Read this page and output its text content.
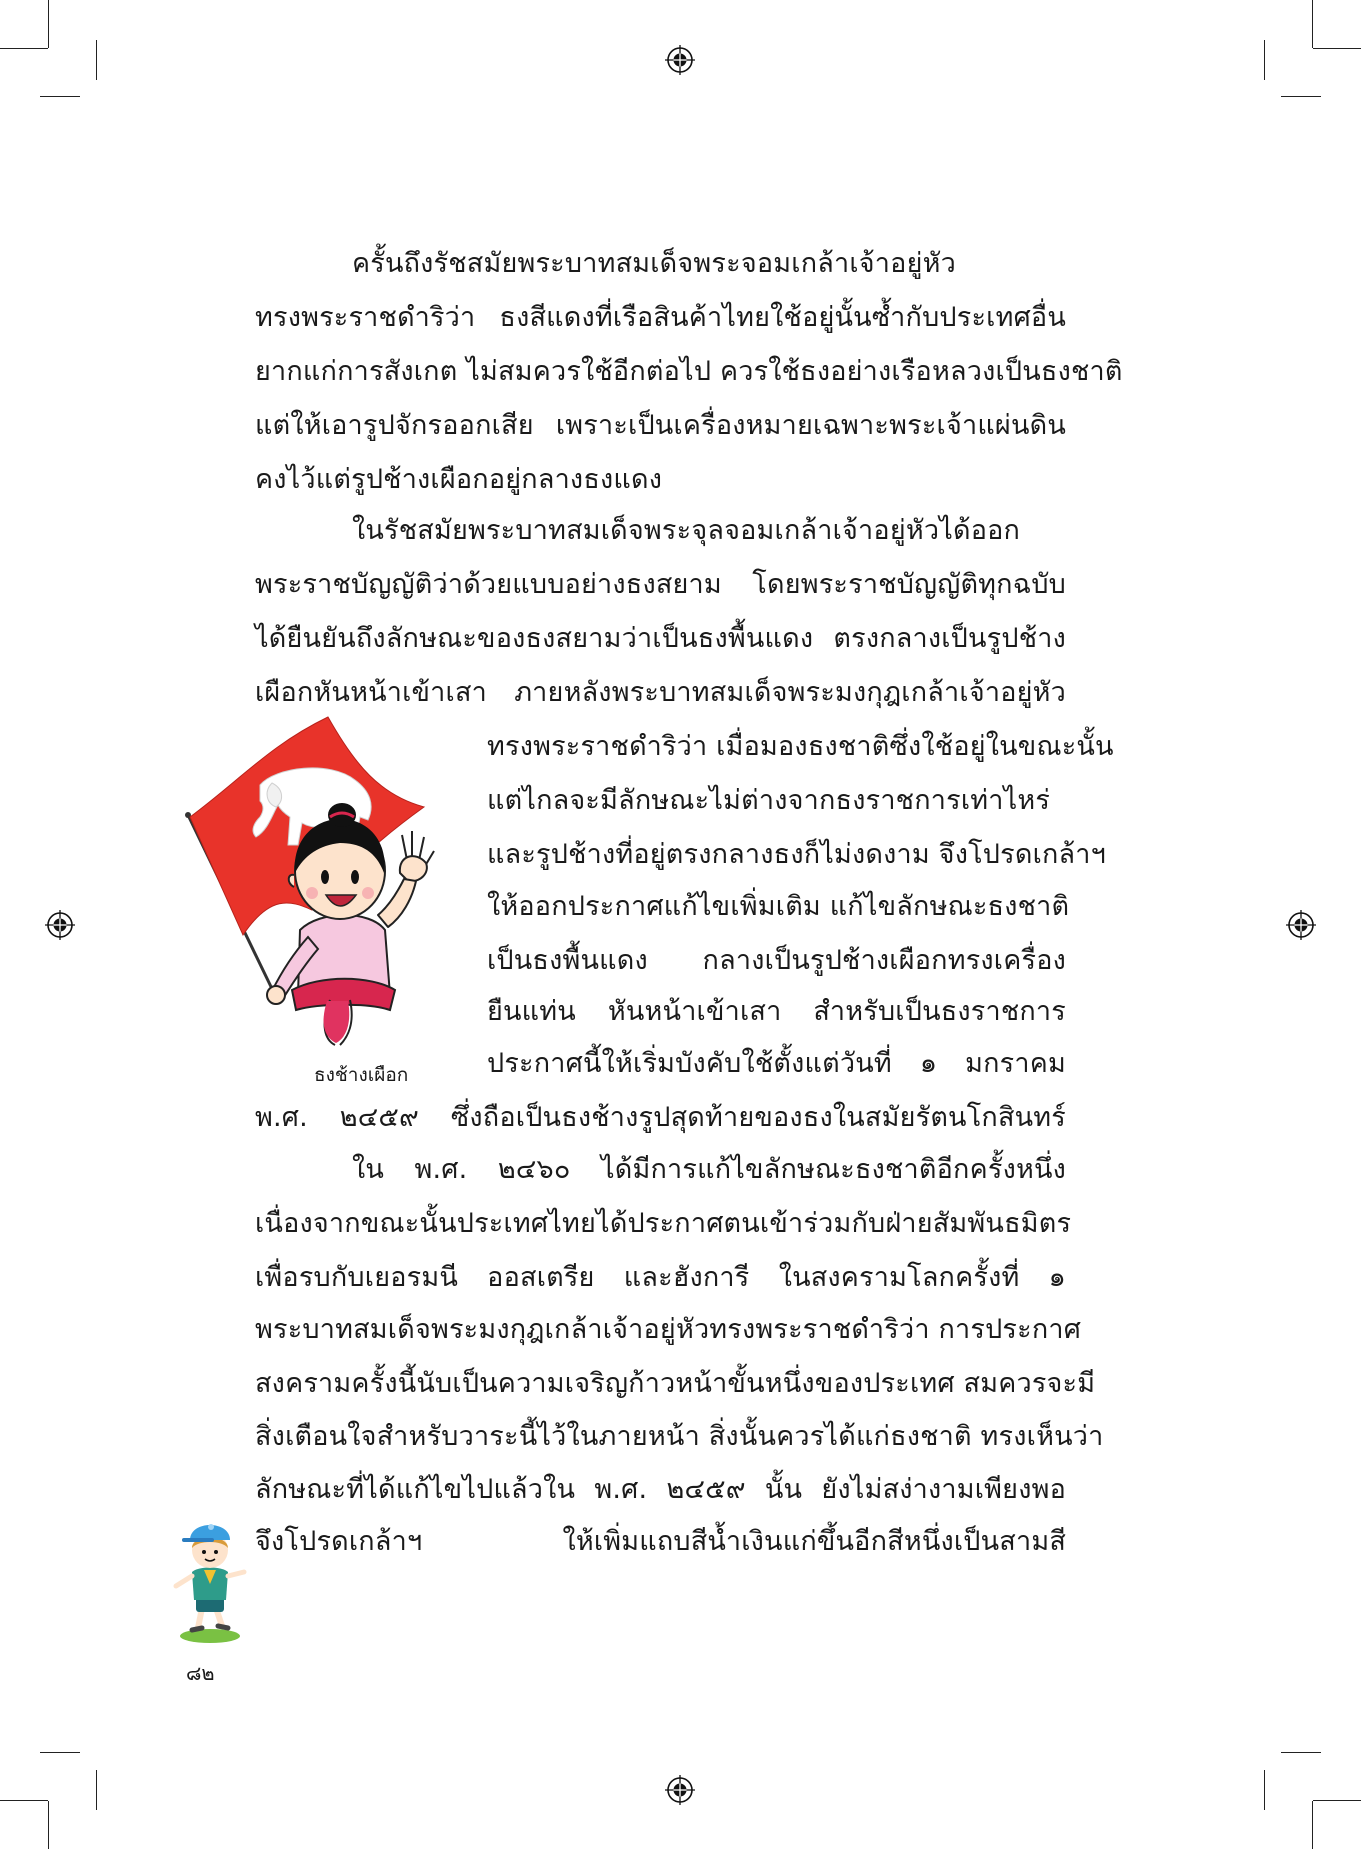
ครั้นถึงรัชสมัยพระบาทสมเด็จพระจอมเกล้าเจ้าอยู่หัว
ทรงพระราชดำริว่า ธงสีแดงที่เรือสินค้าไทยใช้อยู่นั้นซ้ำกับประเทศอื่น
ยากแก่การสังเกต ไม่สมควรใช้อีกต่อไป ควรใช้ธงอย่างเรือหลวงเป็นธงชาติ
แต่ให้เอารูปจักรออกเสีย เพราะเป็นเครื่องหมายเฉพาะพระเจ้าแผ่นดิน
คงไว้แต่รูปช้างเผือกอยู่กลางธงแดง
ในรัชสมัยพระบาทสมเด็จพระจุลจอมเกล้าเจ้าอยู่หัวได้ออก
พระราชบัญญัติว่าด้วยแบบอย่างธงสยาม โดยพระราชบัญญัติทุกฉบับ
ได้ยืนยันถึงลักษณะของธงสยามว่าเป็นธงพื้นแดง ตรงกลางเป็นรูปช้าง
เผือกหันหน้าเข้าเสา ภายหลังพระบาทสมเด็จพระมงกุฎเกล้าเจ้าอยู่หัว
ทรงพระราชดำริว่า เมื่อมองธงชาติซึ่งใช้อยู่ในขณะนั้น
แต่ไกลจะมีลักษณะไม่ต่างจากธงราชการเท่าไหร่
และรูปช้างที่อยู่ตรงกลางธงก็ไม่งดงาม จึงโปรดเกล้าฯ
ให้ออกประกาศแก้ไขเพิ่มเติม แก้ไขลักษณะธงชาติ
เป็นธงพื้นแดง กลางเป็นรูปช้างเผือกทรงเครื่อง
ยืนแท่น หันหน้าเข้าเสา สำหรับเป็นธงราชการ
ประกาศนี้ให้เริ่มบังคับใช้ตั้งแต่วันที่ ๑ มกราคม
พ.ศ. ๒๔๕๙ ซึ่งถือเป็นธงช้างรูปสุดท้ายของธงในสมัยรัตนโกสินทร์
ใน พ.ศ. ๒๔๖๐ ได้มีการแก้ไขลักษณะธงชาติอีกครั้งหนึ่ง
เนื่องจากขณะนั้นประเทศไทยได้ประกาศตนเข้าร่วมกับฝ่ายสัมพันธมิตร
เพื่อรบกับเยอรมนี ออสเตรีย และฮังการี ในสงครามโลกครั้งที่ ๑
พระบาทสมเด็จพระมงกุฎเกล้าเจ้าอยู่หัวทรงพระราชดำริว่า การประกาศ
สงครามครั้งนี้นับเป็นความเจริญก้าวหน้าขั้นหนึ่งของประเทศ สมควรจะมี
สิ่งเตือนใจสำหรับวาระนี้ไว้ในภายหน้า สิ่งนั้นควรได้แก่ธงชาติ ทรงเห็นว่า
ลักษณะที่ได้แก้ไขไปแล้วใน พ.ศ. ๒๔๕๙ นั้น ยังไม่สง่างามเพียงพอ
จึงโปรดเกล้าฯ ให้เพิ่มแถบสีน้ำเงินแก่ขึ้นอีกสีหนึ่งเป็นสามสี
ธงช้างเผือก
๘๒
